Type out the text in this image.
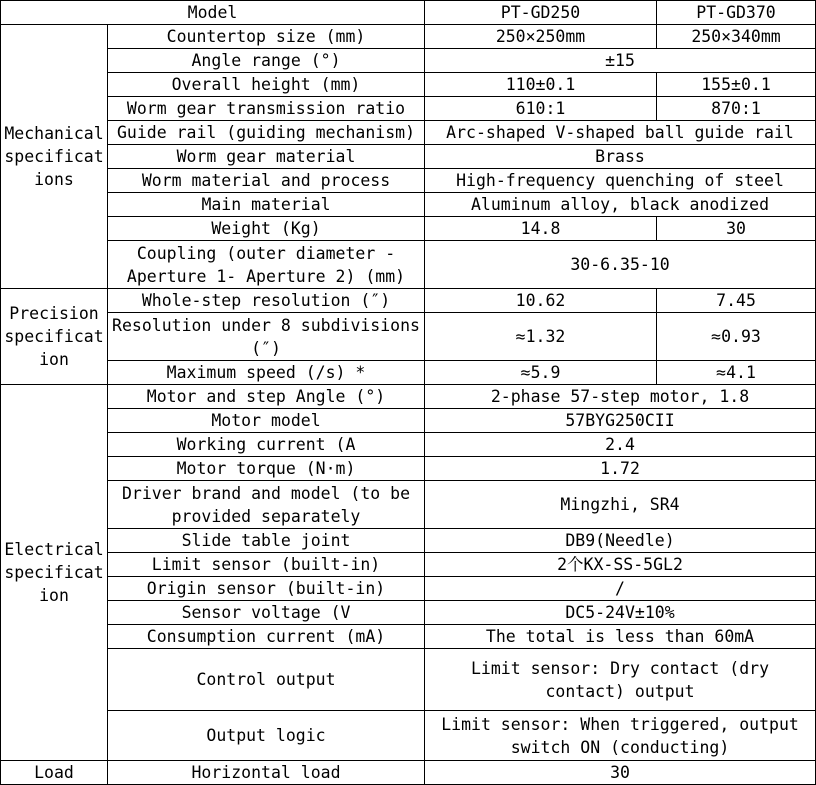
Model		PT-GD250	PT-GD370
Mechanical specifications	Countertop size (mm)	250×250mm	250×340mm
	Angle range (°)	±15	
	Overall height (mm)	110±0.1	155±0.1
	Worm gear transmission ratio	610:1	870:1
	Guide rail (guiding mechanism)	Arc-shaped V-shaped ball guide rail	
	Worm gear material	Brass	
	Worm material and process	High-frequency quenching of steel	
	Main material	Aluminum alloy, black anodized	
	Weight (Kg)	14.8	30
	Coupling (outer diameter - Aperture 1- Aperture 2) (mm)	30-6.35-10	
Precision specification	Whole-step resolution (″)	10.62	7.45
	Resolution under 8 subdivisions (″)	≈1.32	≈0.93
	Maximum speed (/s) *	≈5.9	≈4.1
Electrical specification	Motor and step Angle (°)	2-phase 57-step motor, 1.8	
	Motor model	57BYG250CII	
	Working current (A	2.4	
	Motor torque (N·m)	1.72	
	Driver brand and model (to be provided separately	Mingzhi, SR4	
	Slide table joint	DB9(Needle)	
	Limit sensor (built-in)	2个KX-SS-5GL2	
	Origin sensor (built-in)	/	
	Sensor voltage (V	DC5-24V±10%	
	Consumption current (mA)	The total is less than 60mA	
	Control output	Limit sensor: Dry contact (dry contact) output	
	Output logic	Limit sensor: When triggered, output switch ON (conducting)	
Load	Horizontal load	30	
